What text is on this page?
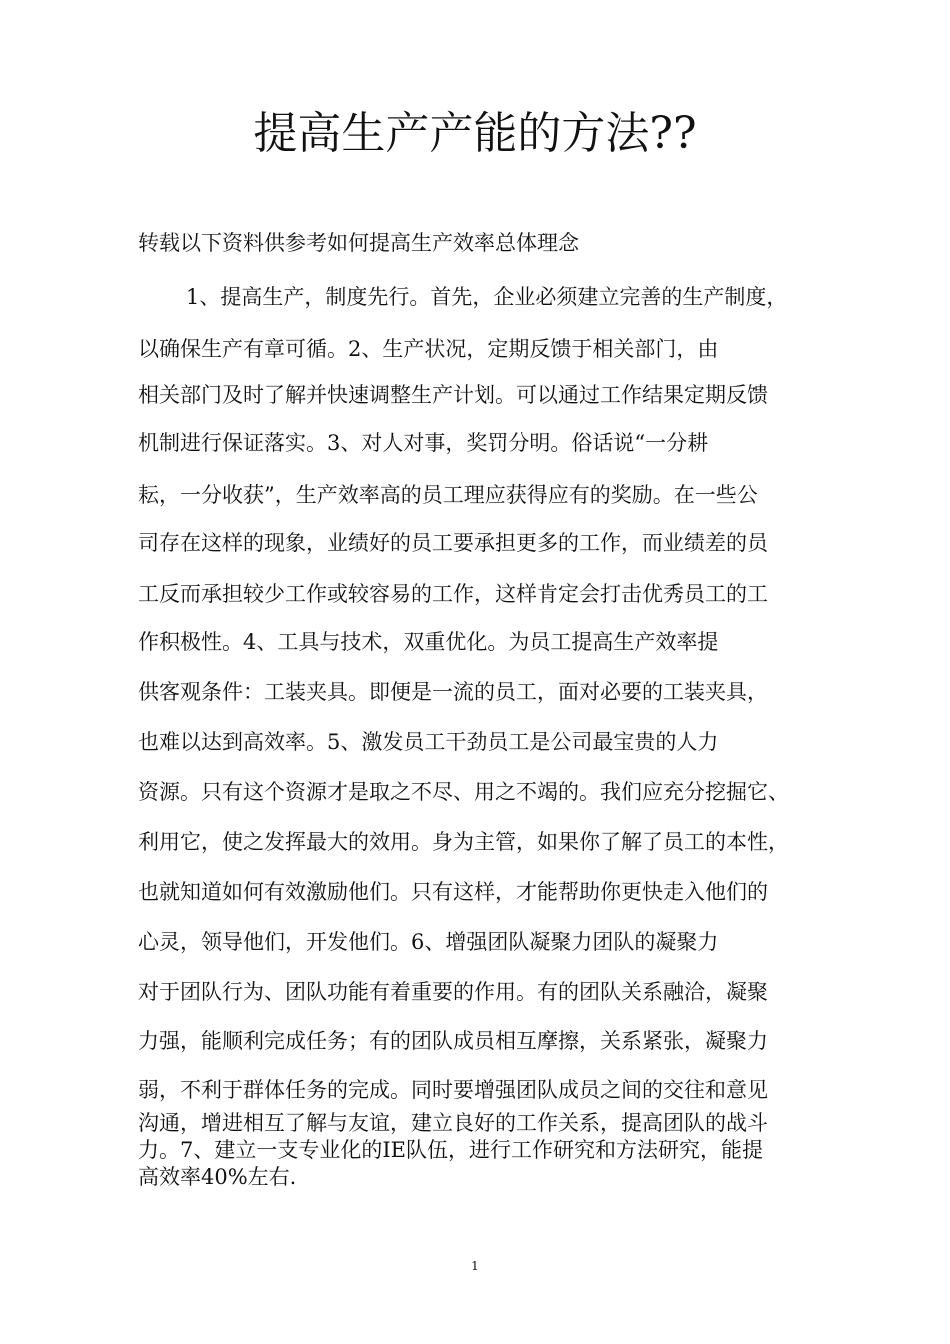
提高生产产能的方法??
转载以下资料供参考如何提高生产效率总体理念
1、提高生产，制度先行。首先，企业必须建立完善的生产制度，
以确保生产有章可循。2、生产状况，定期反馈于相关部门，由
相关部门及时了解并快速调整生产计划。可以通过工作结果定期反馈
机制进行保证落实。3、对人对事，奖罚分明。俗话说“一分耕
耘，一分收获”，生产效率高的员工理应获得应有的奖励。在一些公
司存在这样的现象，业绩好的员工要承担更多的工作，而业绩差的员
工反而承担较少工作或较容易的工作，这样肯定会打击优秀员工的工
作积极性。4、工具与技术，双重优化。为员工提高生产效率提
供客观条件：工装夹具。即便是一流的员工，面对必要的工装夹具，
也难以达到高效率。5、激发员工干劲员工是公司最宝贵的人力
资源。只有这个资源才是取之不尽、用之不竭的。我们应充分挖掘它、
利用它，使之发挥最大的效用。身为主管，如果你了解了员工的本性，
也就知道如何有效激励他们。只有这样，才能帮助你更快走入他们的
心灵，领导他们，开发他们。6、增强团队凝聚力团队的凝聚力
对于团队行为、团队功能有着重要的作用。有的团队关系融洽，凝聚
力强，能顺利完成任务；有的团队成员相互摩擦，关系紧张，凝聚力
弱，不利于群体任务的完成。同时要增强团队成员之间的交往和意见
沟通，增进相互了解与友谊，建立良好的工作关系，提高团队的战斗
力。7、建立一支专业化的IE队伍，进行工作研究和方法研究，能提
高效率40%左右.
1
